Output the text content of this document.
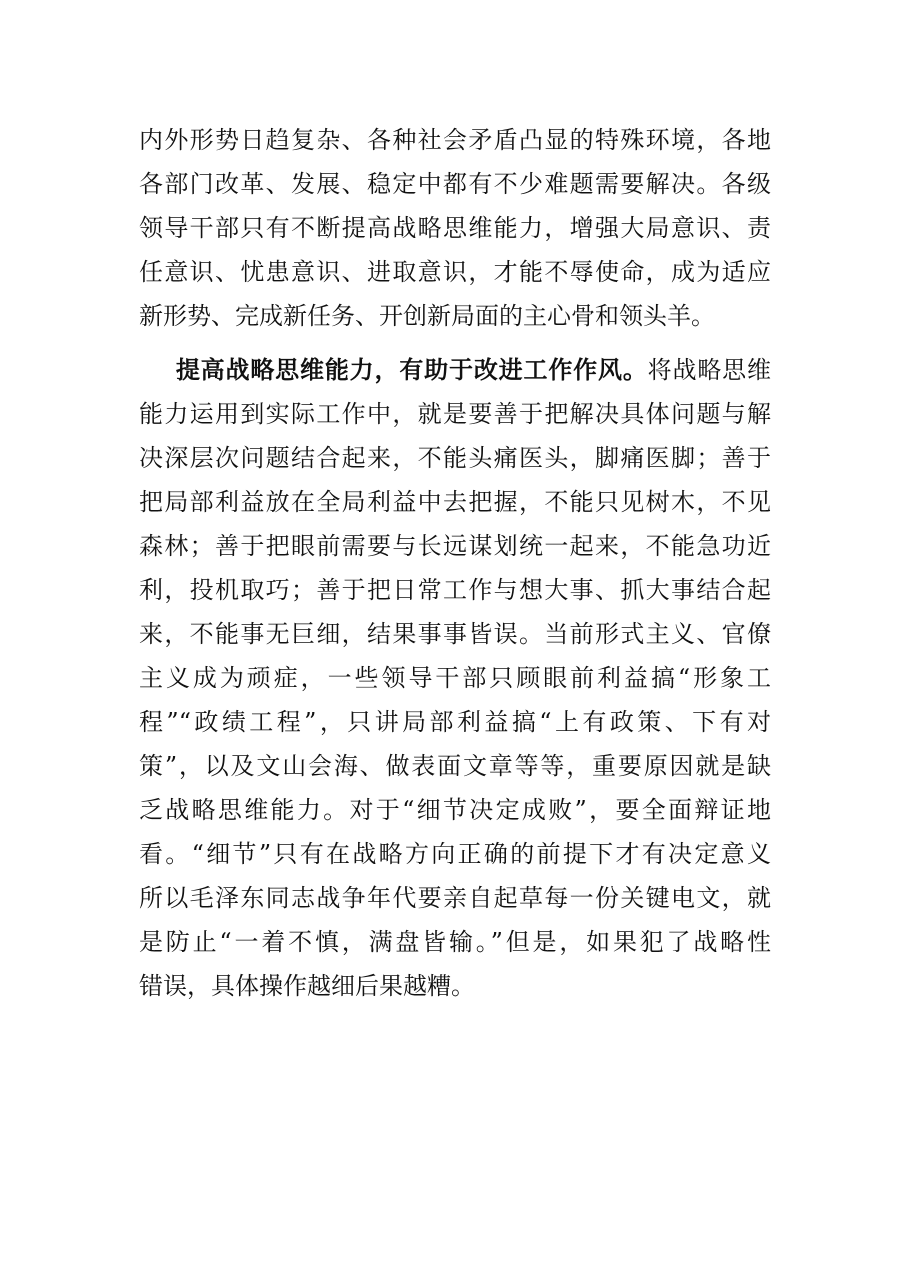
内外形势日趋复杂、各种社会矛盾凸显的特殊环境，各地
各部门改革、发展、稳定中都有不少难题需要解决。各级
领导干部只有不断提高战略思维能力，增强大局意识、责
任意识、忧患意识、进取意识，才能不辱使命，成为适应
新形势、完成新任务、开创新局面的主心骨和领头羊。
提高战略思维能力，有助于改进工作作风。将战略思维
能力运用到实际工作中，就是要善于把解决具体问题与解
决深层次问题结合起来，不能头痛医头，脚痛医脚；善于
把局部利益放在全局利益中去把握，不能只见树木，不见
森林；善于把眼前需要与长远谋划统一起来，不能急功近
利，投机取巧；善于把日常工作与想大事、抓大事结合起
来，不能事无巨细，结果事事皆误。当前形式主义、官僚
主义成为顽症，一些领导干部只顾眼前利益搞“形象工
程”“政绩工程”，只讲局部利益搞“上有政策、下有对
策”，以及文山会海、做表面文章等等，重要原因就是缺
乏战略思维能力。对于“细节决定成败”，要全面辩证地
看。“细节”只有在战略方向正确的前提下才有决定意义
所以毛泽东同志战争年代要亲自起草每一份关键电文，就
是防止“一着不慎，满盘皆输。”但是，如果犯了战略性
错误，具体操作越细后果越糟。
